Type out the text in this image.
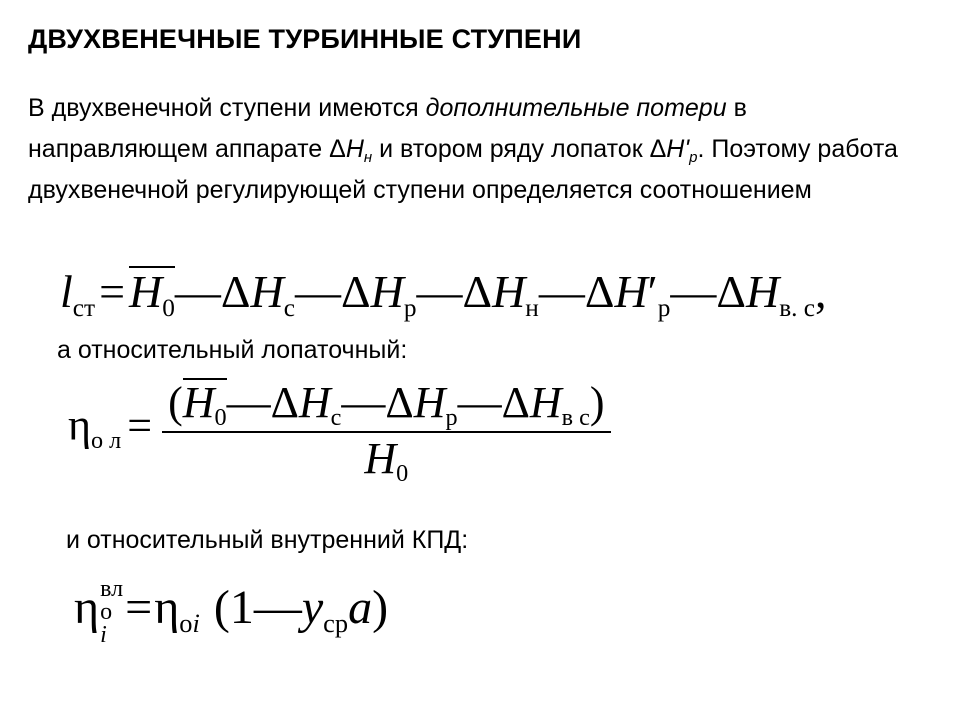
ДВУХВЕНЕЧНЫЕ ТУРБИННЫЕ СТУПЕНИ
В двухвенечной ступени имеются дополнительные потери в направляющем аппарате $\Delta H_н$ и втором ряду лопаток $\Delta H'_р$. Поэтому работа двухвенечной регулирующей ступени определяется соотношением
lст=H0—ΔHс—ΔHр—ΔHн—ΔH′р—ΔHв. с,
а относительный лопаточный:
ηо $л = \frac{\text{(H0—ΔHс—ΔHр—ΔHв с)}}{H0}$
и относительный внутренний КПД:
η вл
o
i
=ηoi (1—yсрa)
